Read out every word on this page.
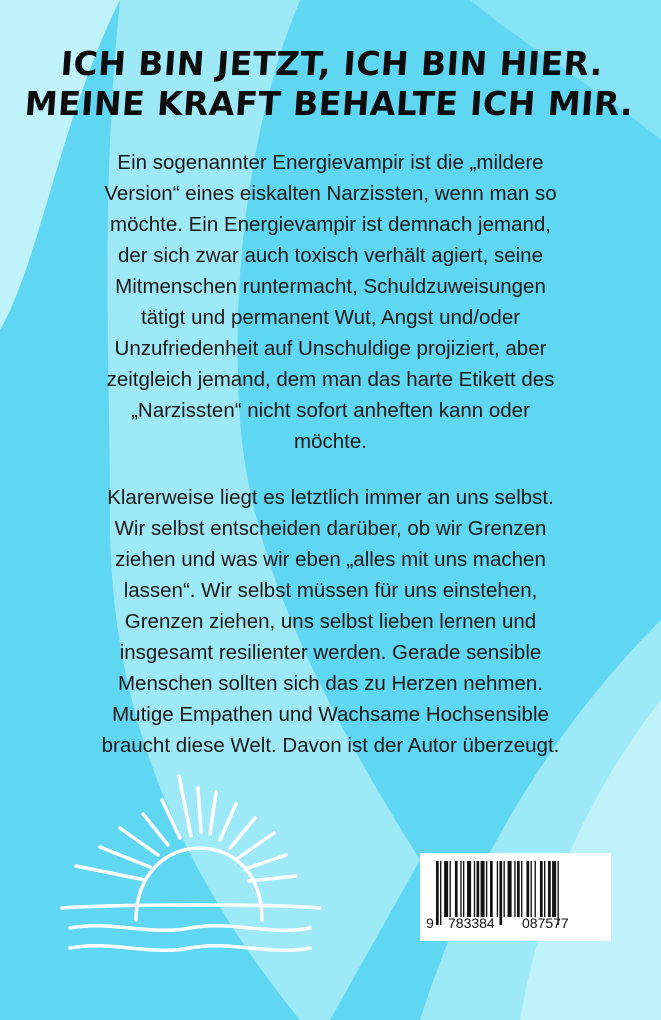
ICH BIN JETZT, ICH BIN HIER.
MEINE KRAFT BEHALTE ICH MIR.
Ein sogenannter Energievampir ist die „mildere
Version“ eines eiskalten Narzissten, wenn man so
möchte. Ein Energievampir ist demnach jemand,
der sich zwar auch toxisch verhält agiert, seine
Mitmenschen runtermacht, Schuldzuweisungen
tätigt und permanent Wut, Angst und/oder
Unzufriedenheit auf Unschuldige projiziert, aber
zeitgleich jemand, dem man das harte Etikett des
„Narzissten“ nicht sofort anheften kann oder
möchte.
Klarerweise liegt es letztlich immer an uns selbst.
Wir selbst entscheiden darüber, ob wir Grenzen
ziehen und was wir eben „alles mit uns machen
lassen“. Wir selbst müssen für uns einstehen,
Grenzen ziehen, uns selbst lieben lernen und
insgesamt resilienter werden. Gerade sensible
Menschen sollten sich das zu Herzen nehmen.
Mutige Empathen und Wachsame Hochsensible
braucht diese Welt. Davon ist der Autor überzeugt.
9 783384 087577
